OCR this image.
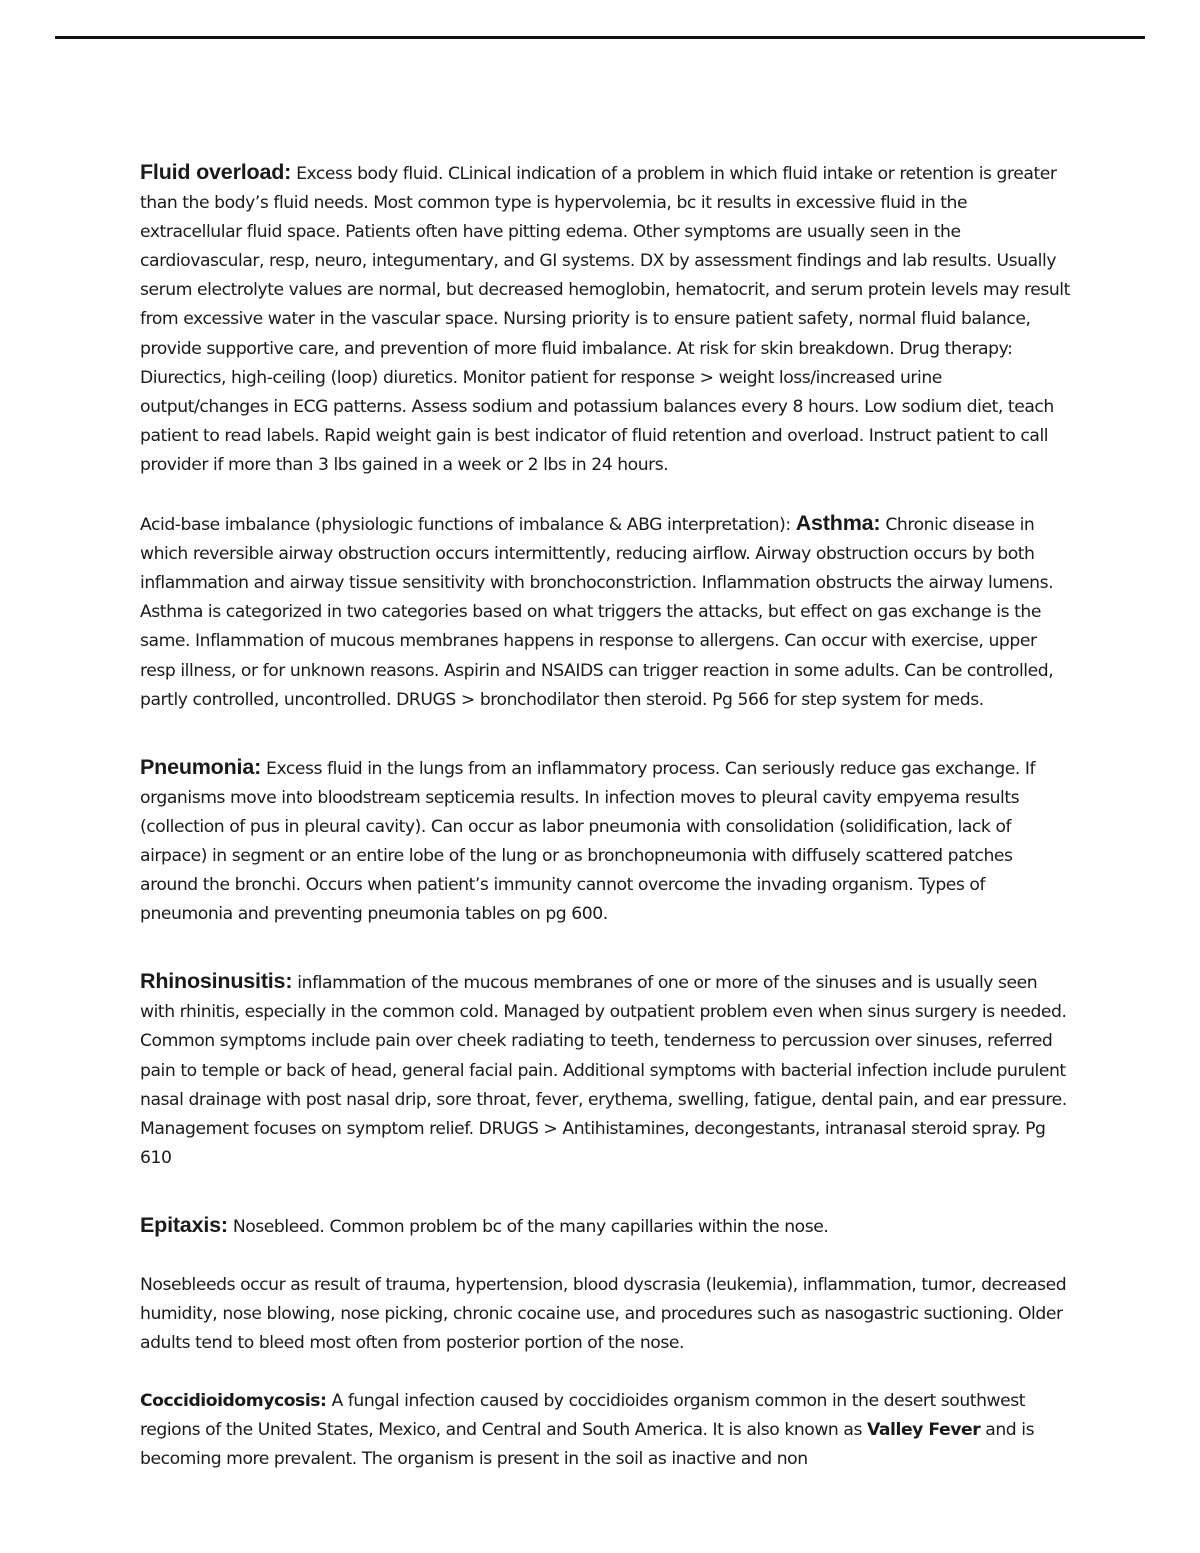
Fluid overload: Excess body fluid. CLinical indication of a problem in which fluid intake or retention is greater than the body’s fluid needs. Most common type is hypervolemia, bc it results in excessive fluid in the extracellular fluid space. Patients often have pitting edema. Other symptoms are usually seen in the cardiovascular, resp, neuro, integumentary, and GI systems. DX by assessment findings and lab results. Usually serum electrolyte values are normal, but decreased hemoglobin, hematocrit, and serum protein levels may result from excessive water in the vascular space. Nursing priority is to ensure patient safety, normal fluid balance, provide supportive care, and prevention of more fluid imbalance. At risk for skin breakdown. Drug therapy: Diurectics, high-ceiling (loop) diuretics. Monitor patient for response > weight loss/increased urine output/changes in ECG patterns. Assess sodium and potassium balances every 8 hours. Low sodium diet, teach patient to read labels. Rapid weight gain is best indicator of fluid retention and overload. Instruct patient to call provider if more than 3 lbs gained in a week or 2 lbs in 24 hours.

Acid-base imbalance (physiologic functions of imbalance & ABG interpretation): Asthma: Chronic disease in which reversible airway obstruction occurs intermittently, reducing airflow. Airway obstruction occurs by both inflammation and airway tissue sensitivity with bronchoconstriction. Inflammation obstructs the airway lumens. Asthma is categorized in two categories based on what triggers the attacks, but effect on gas exchange is the same. Inflammation of mucous membranes happens in response to allergens. Can occur with exercise, upper resp illness, or for unknown reasons. Aspirin and NSAIDS can trigger reaction in some adults. Can be controlled, partly controlled, uncontrolled. DRUGS > bronchodilator then steroid. Pg 566 for step system for meds.

Pneumonia: Excess fluid in the lungs from an inflammatory process. Can seriously reduce gas exchange. If organisms move into bloodstream septicemia results. In infection moves to pleural cavity empyema results (collection of pus in pleural cavity). Can occur as labor pneumonia with consolidation (solidification, lack of airpace) in segment or an entire lobe of the lung or as bronchopneumonia with diffusely scattered patches around the bronchi. Occurs when patient’s immunity cannot overcome the invading organism. Types of pneumonia and preventing pneumonia tables on pg 600.

Rhinosinusitis: inflammation of the mucous membranes of one or more of the sinuses and is usually seen with rhinitis, especially in the common cold. Managed by outpatient problem even when sinus surgery is needed. Common symptoms include pain over cheek radiating to teeth, tenderness to percussion over sinuses, referred pain to temple or back of head, general facial pain. Additional symptoms with bacterial infection include purulent nasal drainage with post nasal drip, sore throat, fever, erythema, swelling, fatigue, dental pain, and ear pressure. Management focuses on symptom relief. DRUGS > Antihistamines, decongestants, intranasal steroid spray. Pg 610

Epitaxis: Nosebleed. Common problem bc of the many capillaries within the nose.

Nosebleeds occur as result of trauma, hypertension, blood dyscrasia (leukemia), inflammation, tumor, decreased humidity, nose blowing, nose picking, chronic cocaine use, and procedures such as nasogastric suctioning. Older adults tend to bleed most often from posterior portion of the nose.

Coccidioidomycosis: A fungal infection caused by coccidioides organism common in the desert southwest regions of the United States, Mexico, and Central and South America. It is also known as Valley Fever and is becoming more prevalent. The organism is present in the soil as inactive and non
